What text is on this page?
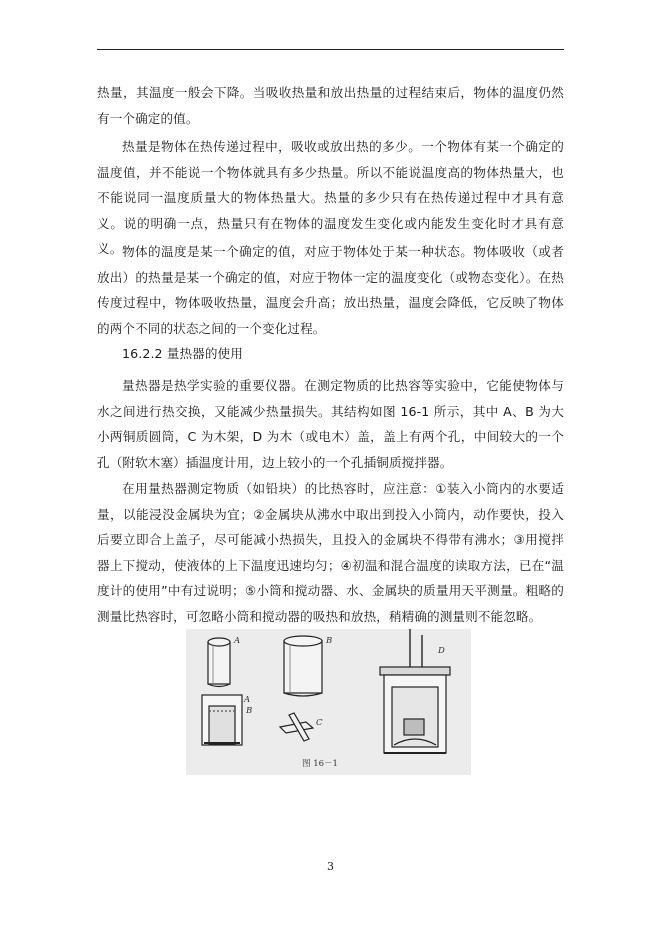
热量，其温度一般会下降。当吸收热量和放出热量的过程结束后，物体的温度仍然有一个确定的值。

热量是物体在热传递过程中，吸收或放出热的多少。一个物体有某一个确定的温度值，并不能说一个物体就具有多少热量。所以不能说温度高的物体热量大，也不能说同一温度质量大的物体热量大。热量的多少只有在热传递过程中才具有意义。说的明确一点，热量只有在物体的温度发生变化或内能发生变化时才具有意义。 物体的温度是某一个确定的值，对应于物体处于某一种状态。物体吸收（或者放出）的热量是某一个确定的值，对应于物体一定的温度变化（或物态变化）。在热传度过程中，物体吸收热量，温度会升高；放出热量，温度会降低，它反映了物体的两个不同的状态之间的一个变化过程。

16.2.2 量热器的使用

量热器是热学实验的重要仪器。在测定物质的比热容等实验中，它能使物体与水之间进行热交换，又能减少热量损失。其结构如图 16-1 所示，其中 A、B 为大小两铜质圆筒，C 为木架，D 为木（或电木）盖，盖上有两个孔，中间较大的一个孔（附软木塞）插温度计用，边上较小的一个孔插铜质搅拌器。

在用量热器测定物质（如铅块）的比热容时，应注意：①装入小筒内的水要适量，以能浸没金属块为宜；②金属块从沸水中取出到投入小筒内，动作要快，投入后要立即合上盖子，尽可能减小热损失，且投入的金属块不得带有沸水；③用搅拌器上下搅动，使液体的上下温度迅速均匀；④初温和混合温度的读取方法，已在“温度计的使用”中有过说明；⑤小筒和搅动器、水、金属块的质量用天平测量。粗略的测量比热容时，可忽略小筒和搅动器的吸热和放热，稍精确的测量则不能忽略。

A	B
A
B
C
D
图 16－1
3
